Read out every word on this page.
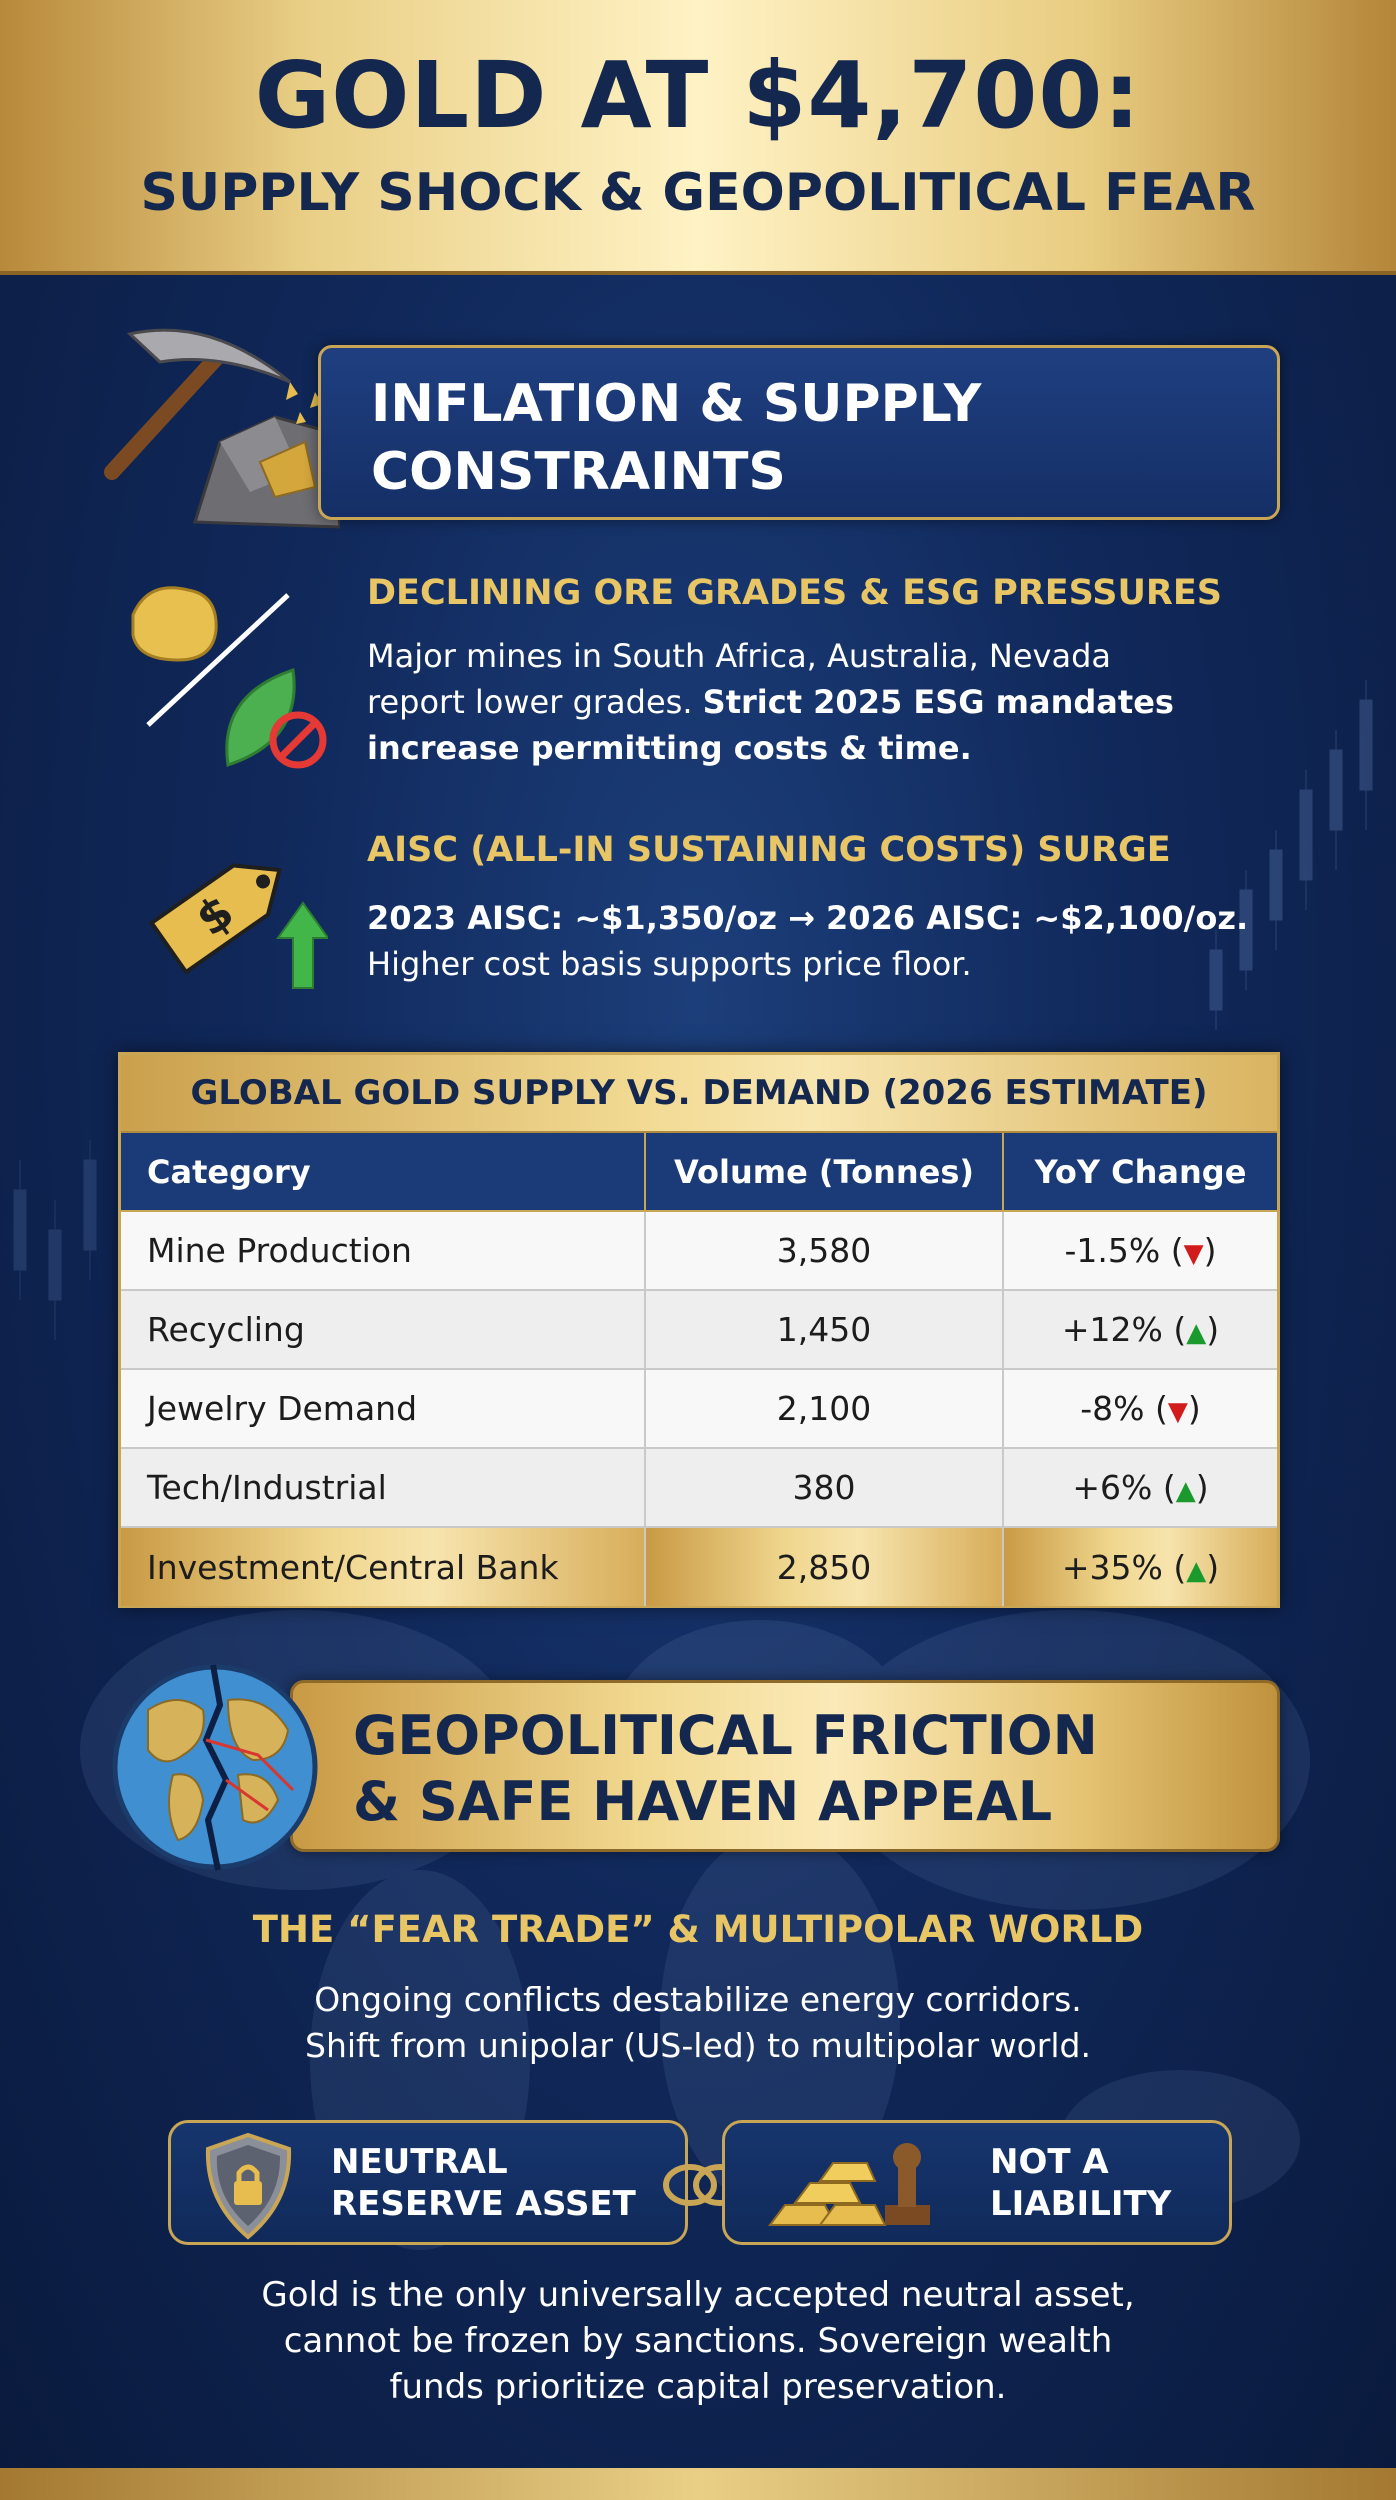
GOLD AT $4,700:
SUPPLY SHOCK & GEOPOLITICAL FEAR
INFLATION & SUPPLY CONSTRAINTS
DECLINING ORE GRADES & ESG PRESSURES
Major mines in South Africa, Australia, Nevada
report lower grades. Strict 2025 ESG mandates
increase permitting costs & time.
$
AISC (ALL-IN SUSTAINING COSTS) SURGE
2023 AISC: ~$1,350/oz → 2026 AISC: ~$2,100/oz.
Higher cost basis supports price floor.
GLOBAL GOLD SUPPLY VS. DEMAND (2026 ESTIMATE)
Category	Volume (Tonnes)	YoY Change
Mine Production	3,580	-1.5% (▼)
Recycling	1,450	+12% (▲)
Jewelry Demand	2,100	-8% (▼)
Tech/Industrial	380	+6% (▲)
Investment/Central Bank	2,850	+35% (▲)
GEOPOLITICAL FRICTION
& SAFE HAVEN APPEAL
THE “FEAR TRADE” & MULTIPOLAR WORLD
Ongoing conflicts destabilize energy corridors.
Shift from unipolar (US-led) to multipolar world.
NEUTRAL
RESERVE ASSET
NOT A
LIABILITY
Gold is the only universally accepted neutral asset,
cannot be frozen by sanctions. Sovereign wealth
funds prioritize capital preservation.
